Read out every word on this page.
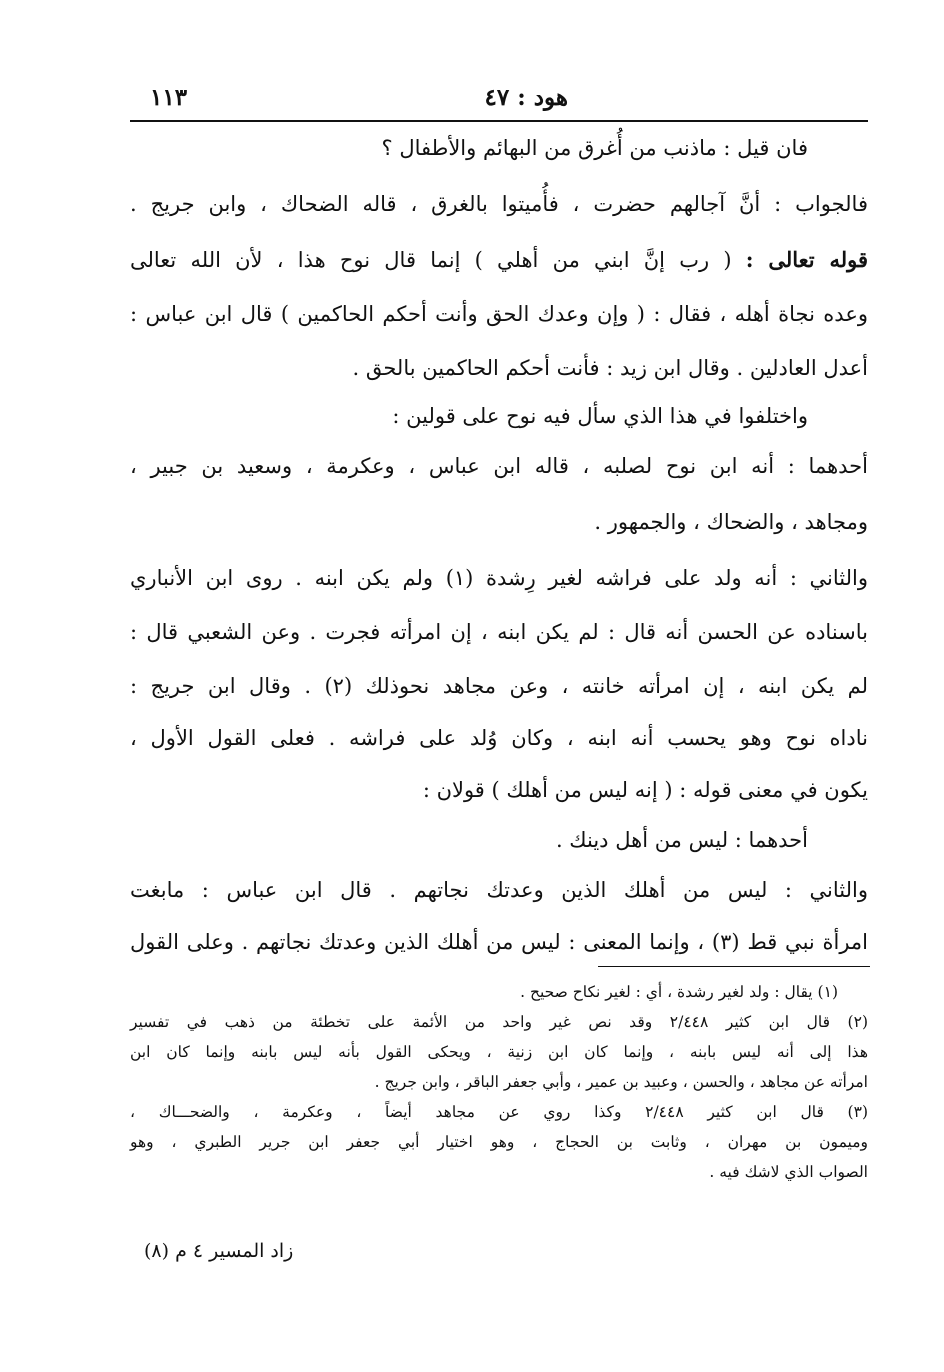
هود : ٤٧
١١٣
فان قيل : ماذنب من أُغرق من البهائم والأطفال ؟
فالجواب : أنَّ آجالهم حضرت ، فأُميتوا بالغرق ، قاله الضحاك ، وابن جريج .
قوله تعالى : ( رب إنَّ ابني من أهلي ) إنما قال نوح هذا ، لأن الله تعالى
وعده نجاة أهله ، فقال : ( وإن وعدك الحق وأنت أحكم الحاكمين ) قال ابن عباس :
أعدل العادلين . وقال ابن زيد : فأنت أحكم الحاكمين بالحق .
واختلفوا في هذا الذي سأل فيه نوح على قولين :
أحدهما : أنه ابن نوح لصلبه ، قاله ابن عباس ، وعكرمة ، وسعيد بن جبير ،
ومجاهد ، والضحاك ، والجمهور .
والثاني : أنه ولد على فراشه لغير رِشدة (١) ولم يكن ابنه . روى ابن الأنباري
باسناده عن الحسن أنه قال : لم يكن ابنه ، إن امرأته فجرت . وعن الشعبي قال :
لم يكن ابنه ، إن امرأته خانته ، وعن مجاهد نحوذلك (٢) . وقال ابن جريج :
ناداه نوح وهو يحسب أنه ابنه ، وكان وُلد على فراشه . فعلى القول الأول ،
يكون في معنى قوله : ( إنه ليس من أهلك ) قولان :
أحدهما : ليس من أهل دينك .
والثاني : ليس من أهلك الذين وعدتك نجاتهم . قال ابن عباس : مابغت
امرأة نبي قط (٣) ، وإنما المعنى : ليس من أهلك الذين وعدتك نجاتهم . وعلى القول
(١) يقال : ولد لغير رشدة ، أي : لغير نكاح صحيح .
(٢) قال ابن كثير ٢/٤٤٨ وقد نص غير واحد من الأئمة على تخطئة من ذهب في تفسير
هذا إلى أنه ليس بابنه ، وإنما كان ابن زنية ، ويحكى القول بأنه ليس بابنه وإنما كان ابن
امرأته عن مجاهد ، والحسن ، وعبيد بن عمير ، وأبي جعفر الباقر ، وابن جريج .
(٣) قال ابن كثير ٢/٤٤٨ وكذا روي عن مجاهد أيضاً ، وعكرمة ، والضحـــاك ،
وميمون بن مهران ، وثابت بن الحجاج ، وهو اختيار أبي جعفر ابن جرير الطبري ، وهو
الصواب الذي لاشك فيه .
زاد المسير ٤ م (٨)
